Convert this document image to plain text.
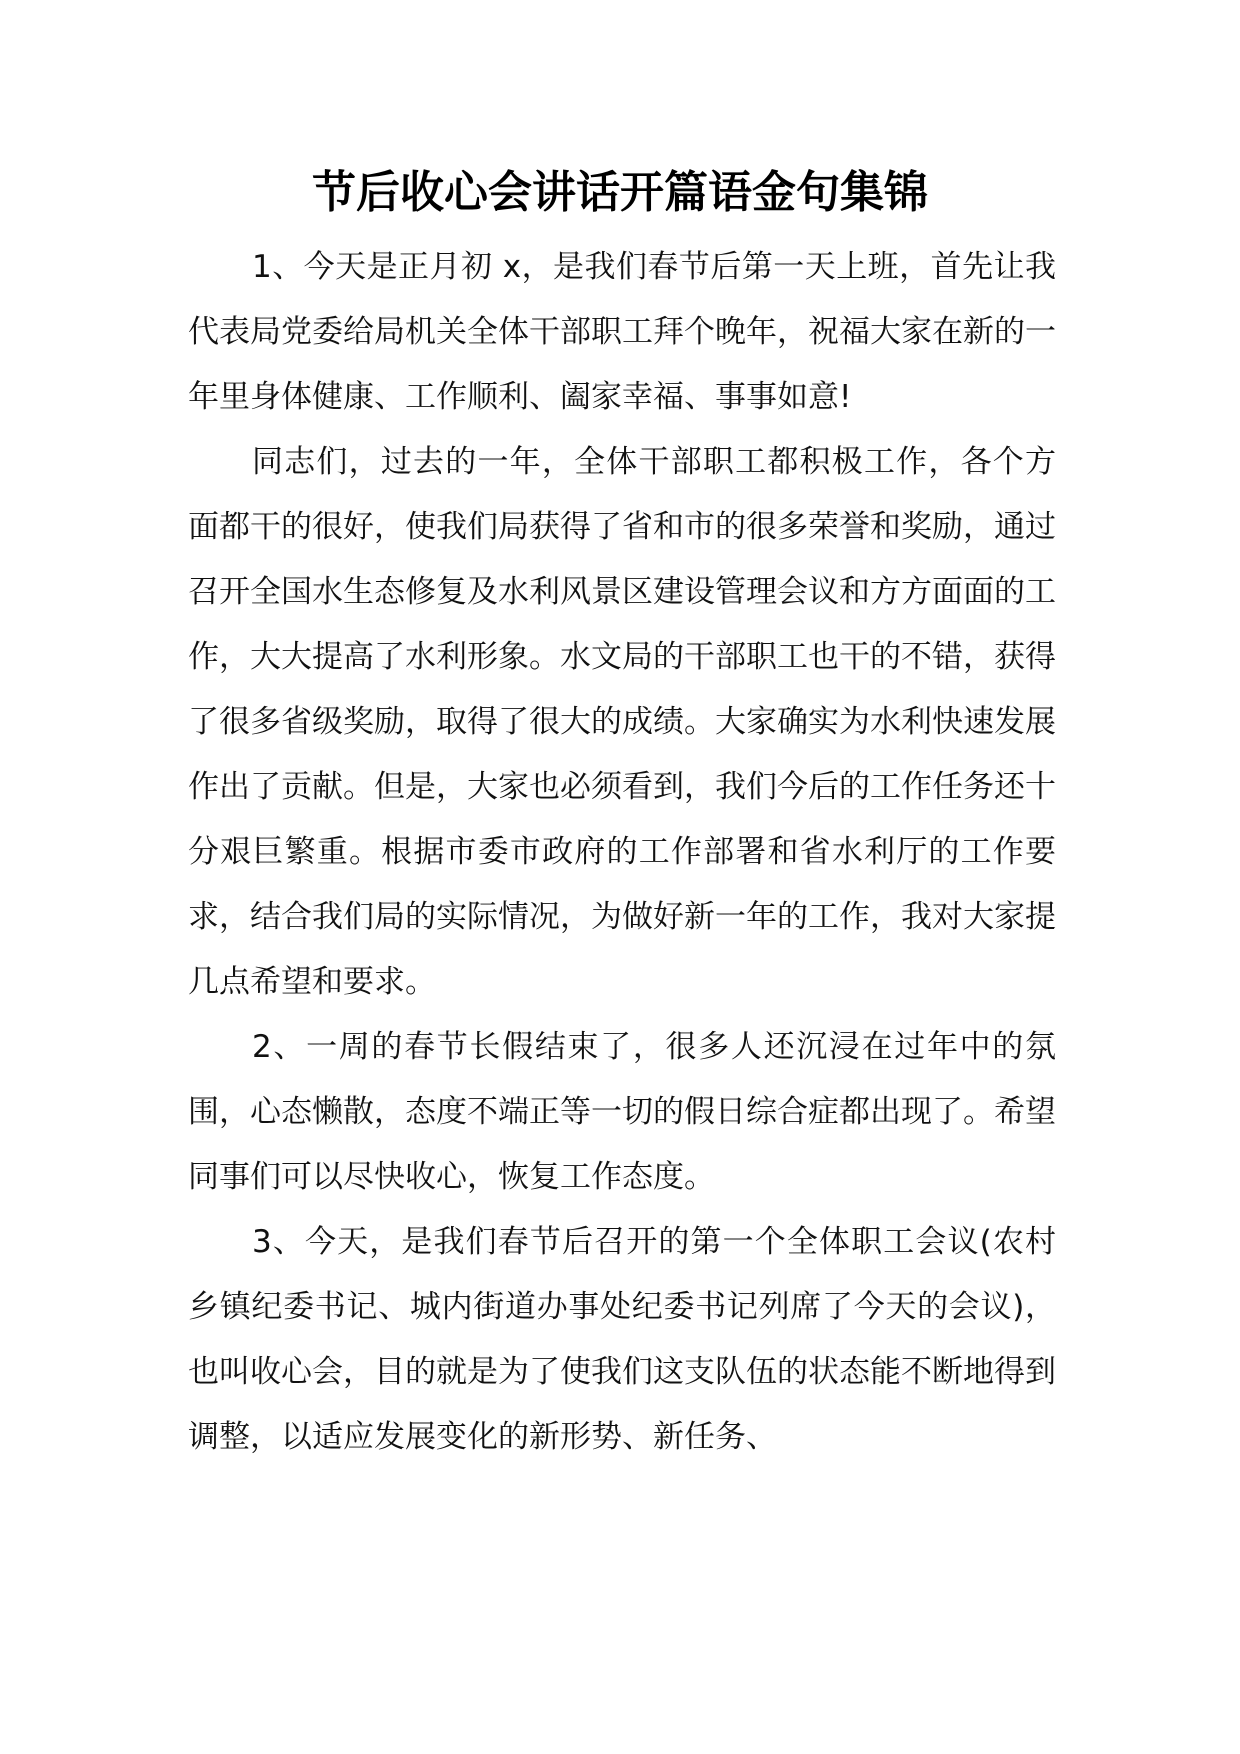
节后收心会讲话开篇语金句集锦

1、今天是正月初 x，是我们春节后第一天上班，首先让我代表局党委给局机关全体干部职工拜个晚年，祝福大家在新的一年里身体健康、工作顺利、阖家幸福、事事如意!

同志们，过去的一年，全体干部职工都积极工作，各个方面都干的很好，使我们局获得了省和市的很多荣誉和奖励，通过召开全国水生态修复及水利风景区建设管理会议和方方面面的工作，大大提高了水利形象。水文局的干部职工也干的不错，获得了很多省级奖励，取得了很大的成绩。大家确实为水利快速发展作出了贡献。但是，大家也必须看到，我们今后的工作任务还十分艰巨繁重。根据市委市政府的工作部署和省水利厅的工作要求，结合我们局的实际情况，为做好新一年的工作，我对大家提几点希望和要求。

2、一周的春节长假结束了，很多人还沉浸在过年中的氛围，心态懒散，态度不端正等一切的假日综合症都出现了。希望同事们可以尽快收心，恢复工作态度。

3、今天，是我们春节后召开的第一个全体职工会议(农村乡镇纪委书记、城内街道办事处纪委书记列席了今天的会议)，也叫收心会，目的就是为了使我们这支队伍的状态能不断地得到调整，以适应发展变化的新形势、新任务、
